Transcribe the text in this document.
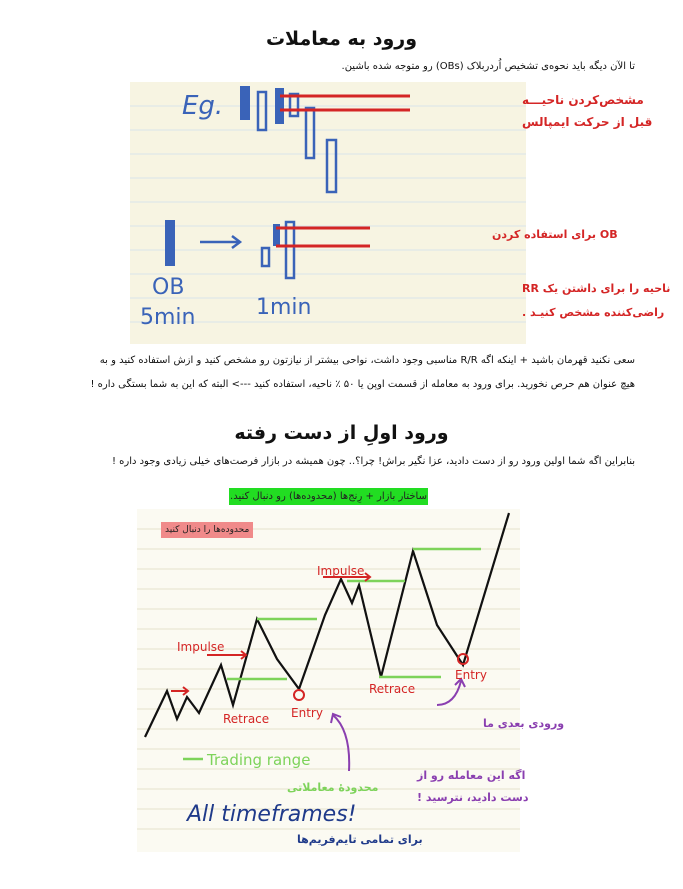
ورود به معاملات
تا الآن دیگه باید نحوه‌ی تشخیص اُردربلاک (OBs) رو متوجه شده باشین.
Eg.
OB
5min	1min
مشخص‌کردن ناحیـــه
قبل از حرکت ایمپالس
OB برای استفاده کردن
ناحیه را برای داشتن یک RR
راضی‌کننده مشخص کنیـد .
سعی نکنید قهرمان باشید + اینکه اگه R/R مناسبی وجود داشت، نواحی بیشتر از نیازتون رو مشخص کنید و ازش استفاده کنید و به
هیچ عنوان هم حرص نخورید. برای ورود به معامله از قسمت اوپن یا ۵۰ ٪ ناحیه، استفاده کنید ---> البته که این به شما بستگی داره !
ورود اولِ از دست رفته
بنابراین اگه شما اولین ورود رو از دست دادید، عزا نگیر براش! چرا؟.. چون همیشه در بازار فرصت‌های خیلی زیادی وجود داره !
ساختار بازار + رِنج‌ها (محدوده‌ها) رو دنبال کنید.
Impulse
Impulse
Retrace
Retrace
Entry
Entry
ورودی بعدی ما
Trading range
محدودهٔ معاملاتی
All timeframes!
برای تمامی تایم‌فریم‌ها
اگه این معامله رو از
دست دادید، نترسید !
محدوده‌ها را دنبال کنید
